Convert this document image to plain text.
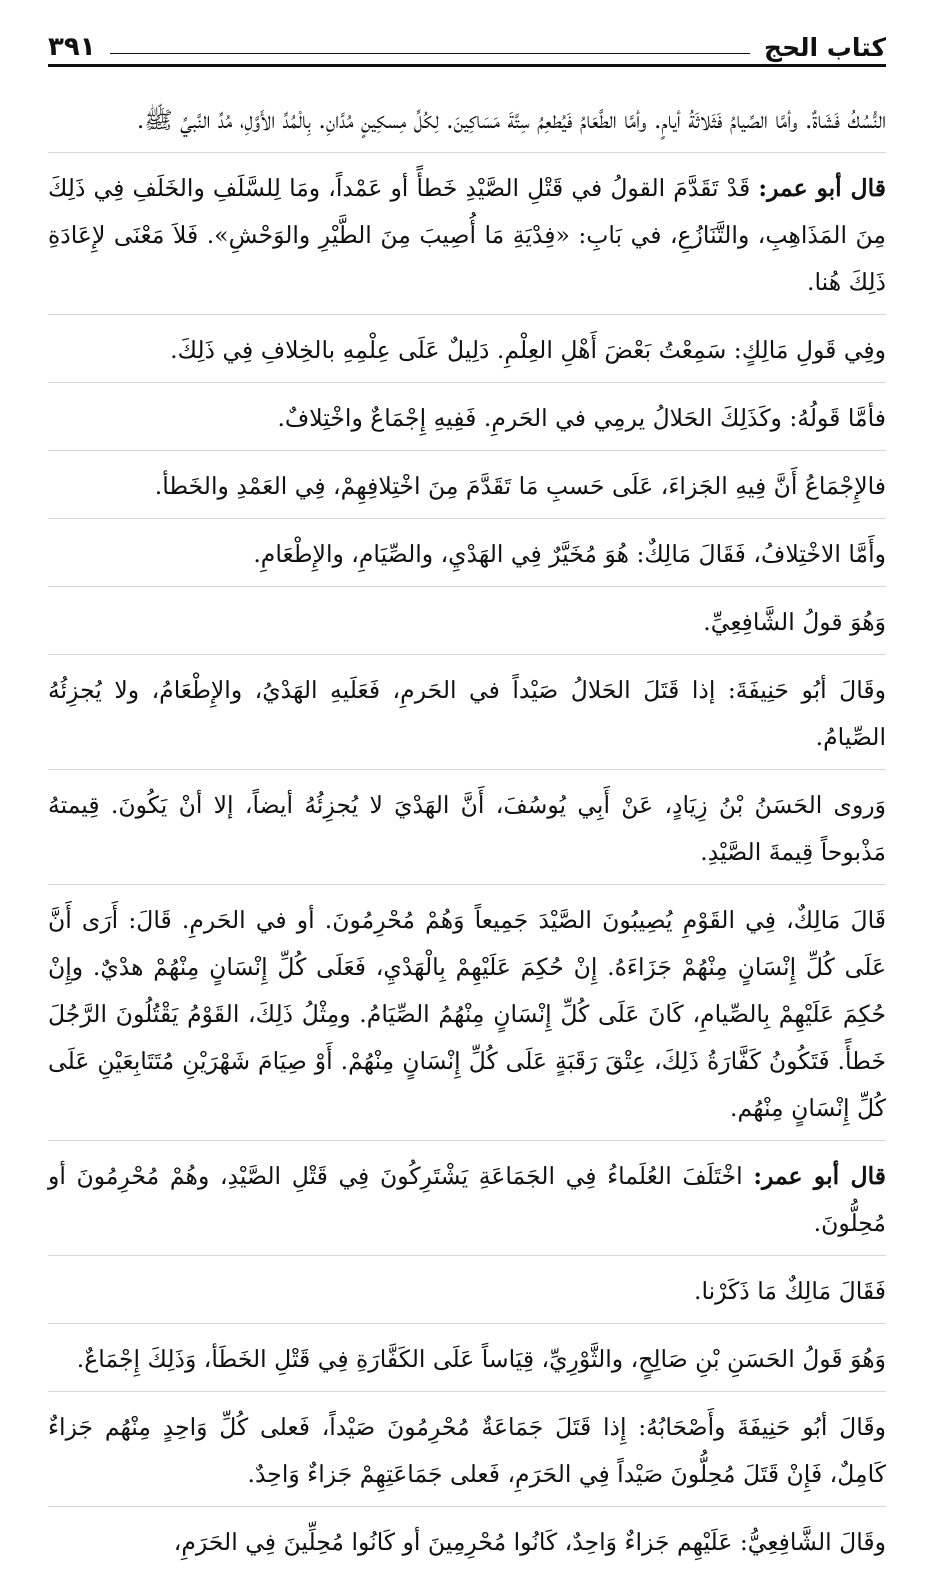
كتاب الحج
٣٩١

النُّسُكُ فَشَاةٌ. وأمَّا الصِّيامُ فَثَلاثَةُ أيامٍ. وأمَّا الطَّعَامُ فَيُطعِمُ سِتَّةَ مَسَاكِينَ. لِكُلِّ مِسكِينٍ مُدَّانِ. بِالْمُدِّ الأَوَّلِ، مُدِّ النَّبيِّ ﷺ.

قال أبو عمر: قَدْ تَقَدَّمَ القولُ في قَتْلِ الصَّيْدِ خَطأً أو عَمْداً، ومَا لِلسَّلَفِ والخَلَفِ فِي ذَلِكَ مِنَ المَذَاهِبِ، والتَّنَازُعِ، في بَابِ: «فِدْيَةِ مَا أُصِيبَ مِنَ الطَّيْرِ والوَحْشِ». فَلاَ مَعْنَى لإِعَادَةِ ذَلِكَ هُنا.

وفِي قَولِ مَالِكٍ: سَمِعْتُ بَعْضَ أَهْلِ العِلْمِ. دَلِيلٌ عَلَى عِلْمِهِ بالخِلافِ فِي ذَلِكَ.

فأمَّا قَولُهُ: وكَذَلِكَ الحَلالُ يرمِي في الحَرمِ. فَفِيهِ إِجْمَاعٌ واخْتِلافٌ.

فالإِجْمَاعُ أَنَّ فِيهِ الجَزاءَ، عَلَى حَسبِ مَا تَقَدَّمَ مِنَ اخْتِلافِهِمْ، فِي العَمْدِ والخَطأ.

وأَمَّا الاخْتِلافُ، فَقَالَ مَالِكٌ: هُوَ مُخَيَّرٌ فِي الهَدْيِ، والصِّيَامِ، والإِطْعَامِ.

وَهُوَ قولُ الشَّافِعِيِّ.

وقَالَ أبُو حَنِيفَةَ: إذا قَتَلَ الحَلالُ صَيْداً في الحَرمِ، فَعَلَيهِ الهَدْيُ، والإِطْعَامُ، ولا يُجزِئُهُ الصِّيامُ.

وَروى الحَسَنُ بْنُ زِيَادٍ، عَنْ أَبِي يُوسُفَ، أَنَّ الهَدْيَ لا يُجزِئُهُ أيضاً، إلا أنْ يَكُونَ. قِيمتهُ مَذْبوحاً قِيمةَ الصَّيْدِ.

قَالَ مَالِكٌ، فِي القَوْمِ يُصِيبُونَ الصَّيْدَ جَمِيعاً وَهُمْ مُحْرِمُونَ. أو في الحَرمِ. قَالَ: أَرَى أَنَّ عَلَى كُلِّ إِنْسَانٍ مِنْهُمْ جَزَاءَهُ. إِنْ حُكِمَ عَلَيْهِمْ بِالْهَدْيِ، فَعَلَى كُلِّ إِنْسَانٍ مِنْهُمْ هدْيٌ. وإِنْ حُكِمَ عَلَيْهِمْ بِالصِّيامِ، كَانَ عَلَى كُلِّ إِنْسَانٍ مِنْهُمُ الصِّيَامُ. ومِثْلُ ذَلِكَ، القَوْمُ يَقْتُلُونَ الرَّجُلَ خَطأً. فَتَكُونُ كَفَّارَةُ ذَلِكَ، عِتْقَ رَقَبَةٍ عَلَى كُلِّ إِنْسَانٍ مِنْهُمْ. أَوْ صِيَامَ شَهْرَيْنِ مُتَتَابِعَيْنِ عَلَى كُلِّ إِنْسَانٍ مِنْهُم.

قال أبو عمر: اخْتَلَفَ العُلَماءُ فِي الجَمَاعَةِ يَشْتَرِكُونَ فِي قَتْلِ الصَّيْدِ، وهُمْ مُحْرِمُونَ أو مُحِلُّونَ.

فَقَالَ مَالِكٌ مَا ذَكَرْنا.

وَهُوَ قَولُ الحَسَنِ بْنِ صَالِحٍ، والثَّوْرِيِّ، قِيَاساً عَلَى الكَفَّارَةِ فِي قَتْلِ الخَطَأ، وَذَلِكَ إِجْمَاعٌ.

وقَالَ أبُو حَنِيفَةَ وأَصْحَابُهُ: إِذا قَتَلَ جَمَاعَةٌ مُحْرِمُونَ صَيْداً، فَعلى كُلِّ وَاحِدٍ مِنْهُم جَزاءٌ كَامِلٌ، فَإِنْ قَتَلَ مُحِلُّونَ صَيْداً فِي الحَرَمِ، فَعلى جَمَاعَتِهِمْ جَزاءٌ وَاحِدٌ.

وقَالَ الشَّافِعِيُّ: عَلَيْهِم جَزاءٌ وَاحِدٌ، كَانُوا مُحْرِمِينَ أو كَانُوا مُحِلِّينَ فِي الحَرَمِ،
